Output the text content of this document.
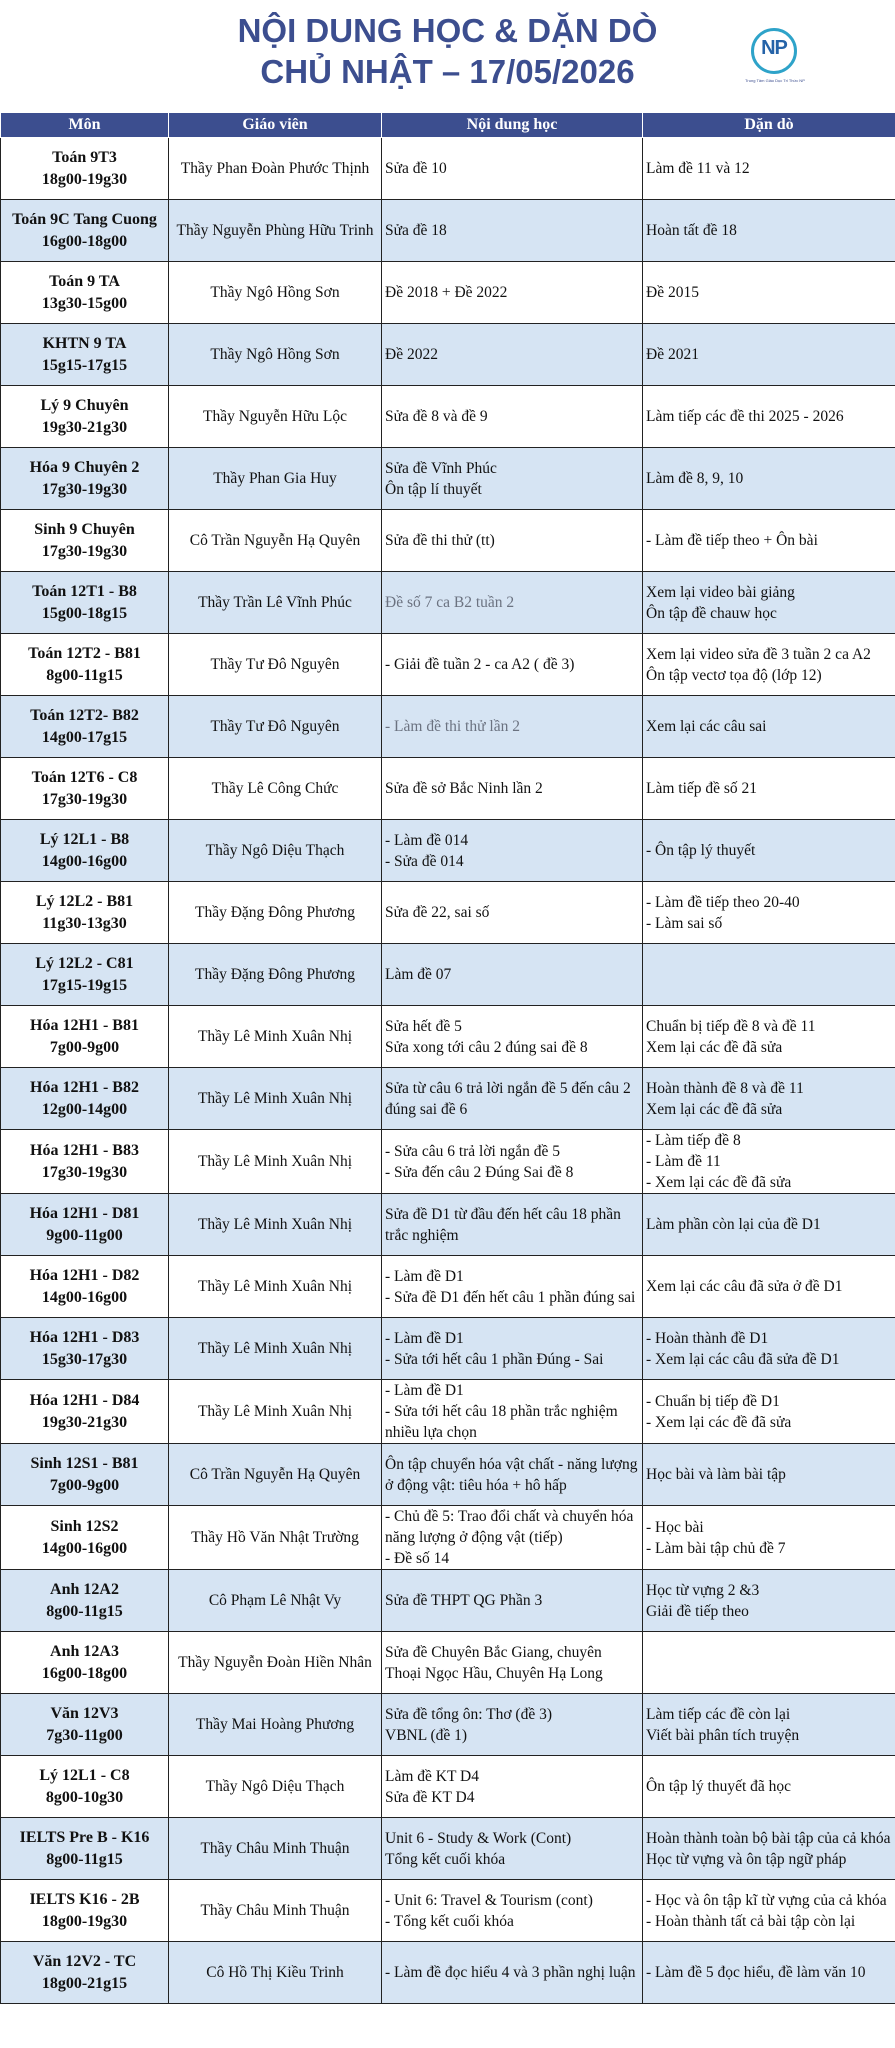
NỘI DUNG HỌC & DẶN DÒ
CHỦ NHẬT – 17/05/2026
NP
Trung Tâm Giáo Dục Tri Thức NP
Môn	Giáo viên	Nội dung học	Dặn dò

Toán 9T3
18g00-19g30	Thầy Phan Đoàn Phước Thịnh	Sửa đề 10	Làm đề 11 và 12

Toán 9C Tang Cuong
16g00-18g00	Thầy Nguyễn Phùng Hữu Trinh	Sửa đề 18	Hoàn tất đề 18

Toán 9 TA
13g30-15g00	Thầy Ngô Hồng Sơn	Đề 2018 + Đề 2022	Đề 2015

KHTN 9 TA
15g15-17g15	Thầy Ngô Hồng Sơn	Đề 2022	Đề 2021

Lý 9 Chuyên
19g30-21g30	Thầy Nguyễn Hữu Lộc	Sửa đề 8 và đề 9	Làm tiếp các đề thi 2025 - 2026

Hóa 9 Chuyên 2
17g30-19g30	Thầy Phan Gia Huy	Sửa đề Vĩnh Phúc
Ôn tập lí thuyết	Làm đề 8, 9, 10

Sinh 9 Chuyên
17g30-19g30	Cô Trần Nguyễn Hạ Quyên	Sửa đề thi thử (tt)	- Làm đề tiếp theo + Ôn bài

Toán 12T1 - B8
15g00-18g15	Thầy Trần Lê Vĩnh Phúc	Đề số 7 ca B2 tuần 2	Xem lại video bài giảng
Ôn tập đề chauw học

Toán 12T2 - B81
8g00-11g15	Thầy Tư Đô Nguyên	- Giải đề tuần 2 - ca A2 ( đề 3)	Xem lại video sửa đề 3 tuần 2 ca A2
Ôn tập vectơ tọa độ (lớp 12)

Toán 12T2- B82
14g00-17g15	Thầy Tư Đô Nguyên	- Làm đề thi thử lần 2	Xem lại các câu sai

Toán 12T6 - C8
17g30-19g30	Thầy Lê Công Chức	Sửa đề sở Bắc Ninh lần 2	Làm tiếp đề số 21

Lý 12L1 - B8
14g00-16g00	Thầy Ngô Diệu Thạch	- Làm đề 014
- Sửa đề 014	- Ôn tập lý thuyết

Lý 12L2 - B81
11g30-13g30	Thầy Đặng Đông Phương	Sửa đề 22, sai số	- Làm đề tiếp theo 20-40
- Làm sai số

Lý 12L2 - C81
17g15-19g15	Thầy Đặng Đông Phương	Làm đề 07	

Hóa 12H1 - B81
7g00-9g00	Thầy Lê Minh Xuân Nhị	Sửa hết đề 5
Sửa xong tới câu 2 đúng sai đề 8	Chuẩn bị tiếp đề 8 và đề 11
Xem lại các đề đã sửa

Hóa 12H1 - B82
12g00-14g00	Thầy Lê Minh Xuân Nhị	Sửa từ câu 6 trả lời ngắn đề 5 đến câu 2 đúng sai đề 6	Hoàn thành đề 8 và đề 11
Xem lại các đề đã sửa

Hóa 12H1 - B83
17g30-19g30	Thầy Lê Minh Xuân Nhị	- Sửa câu 6 trả lời ngắn đề 5
- Sửa đến câu 2 Đúng Sai đề 8	- Làm tiếp đề 8
- Làm đề 11
- Xem lại các đề đã sửa

Hóa 12H1 - D81
9g00-11g00	Thầy Lê Minh Xuân Nhị	Sửa đề D1 từ đầu đến hết câu 18 phần trắc nghiệm	Làm phần còn lại của đề D1

Hóa 12H1 - D82
14g00-16g00	Thầy Lê Minh Xuân Nhị	- Làm đề D1
- Sửa đề D1 đến hết câu 1 phần đúng sai	Xem lại các câu đã sửa ở đề D1

Hóa 12H1 - D83
15g30-17g30	Thầy Lê Minh Xuân Nhị	- Làm đề D1
- Sửa tới hết câu 1 phần Đúng - Sai	- Hoàn thành đề D1
- Xem lại các câu đã sửa đề D1

Hóa 12H1 - D84
19g30-21g30	Thầy Lê Minh Xuân Nhị	- Làm đề D1
- Sửa tới hết câu 18 phần trắc nghiệm nhiều lựa chọn	- Chuẩn bị tiếp đề D1
- Xem lại các đề đã sửa

Sinh 12S1 - B81
7g00-9g00	Cô Trần Nguyễn Hạ Quyên	Ôn tập chuyển hóa vật chất - năng lượng ở động vật: tiêu hóa + hô hấp	Học bài và làm bài tập

Sinh 12S2
14g00-16g00	Thầy Hồ Văn Nhật Trường	- Chủ đề 5: Trao đổi chất và chuyển hóa năng lượng ở động vật (tiếp)
- Đề số 14	- Học bài
- Làm bài tập chủ đề 7

Anh 12A2
8g00-11g15	Cô Phạm Lê Nhật Vy	Sửa đề THPT QG Phần 3	Học từ vựng 2 &3
Giải đề tiếp theo

Anh 12A3
16g00-18g00	Thầy Nguyễn Đoàn Hiền Nhân	Sửa đề Chuyên Bắc Giang, chuyên Thoại Ngọc Hầu, Chuyên Hạ Long	

Văn 12V3
7g30-11g00	Thầy Mai Hoàng Phương	Sửa đề tổng ôn: Thơ (đề 3)
VBNL (đề 1)	Làm tiếp các đề còn lại
Viết bài phân tích truyện

Lý 12L1 - C8
8g00-10g30	Thầy Ngô Diệu Thạch	Làm đề KT D4
Sửa đề KT D4	Ôn tập lý thuyết đã học

IELTS Pre B - K16
8g00-11g15	Thầy Châu Minh Thuận	Unit 6 - Study & Work (Cont)
Tổng kết cuối khóa	Hoàn thành toàn bộ bài tập của cả khóa
Học từ vựng và ôn tập ngữ pháp

IELTS K16 - 2B
18g00-19g30	Thầy Châu Minh Thuận	- Unit 6: Travel & Tourism (cont)
- Tổng kết cuối khóa	- Học và ôn tập kĩ từ vựng của cả khóa
- Hoàn thành tất cả bài tập còn lại

Văn 12V2 - TC
18g00-21g15	Cô Hồ Thị Kiều Trinh	- Làm đề đọc hiểu 4 và 3 phần nghị luận	- Làm đề 5 đọc hiểu, đề làm văn 10
